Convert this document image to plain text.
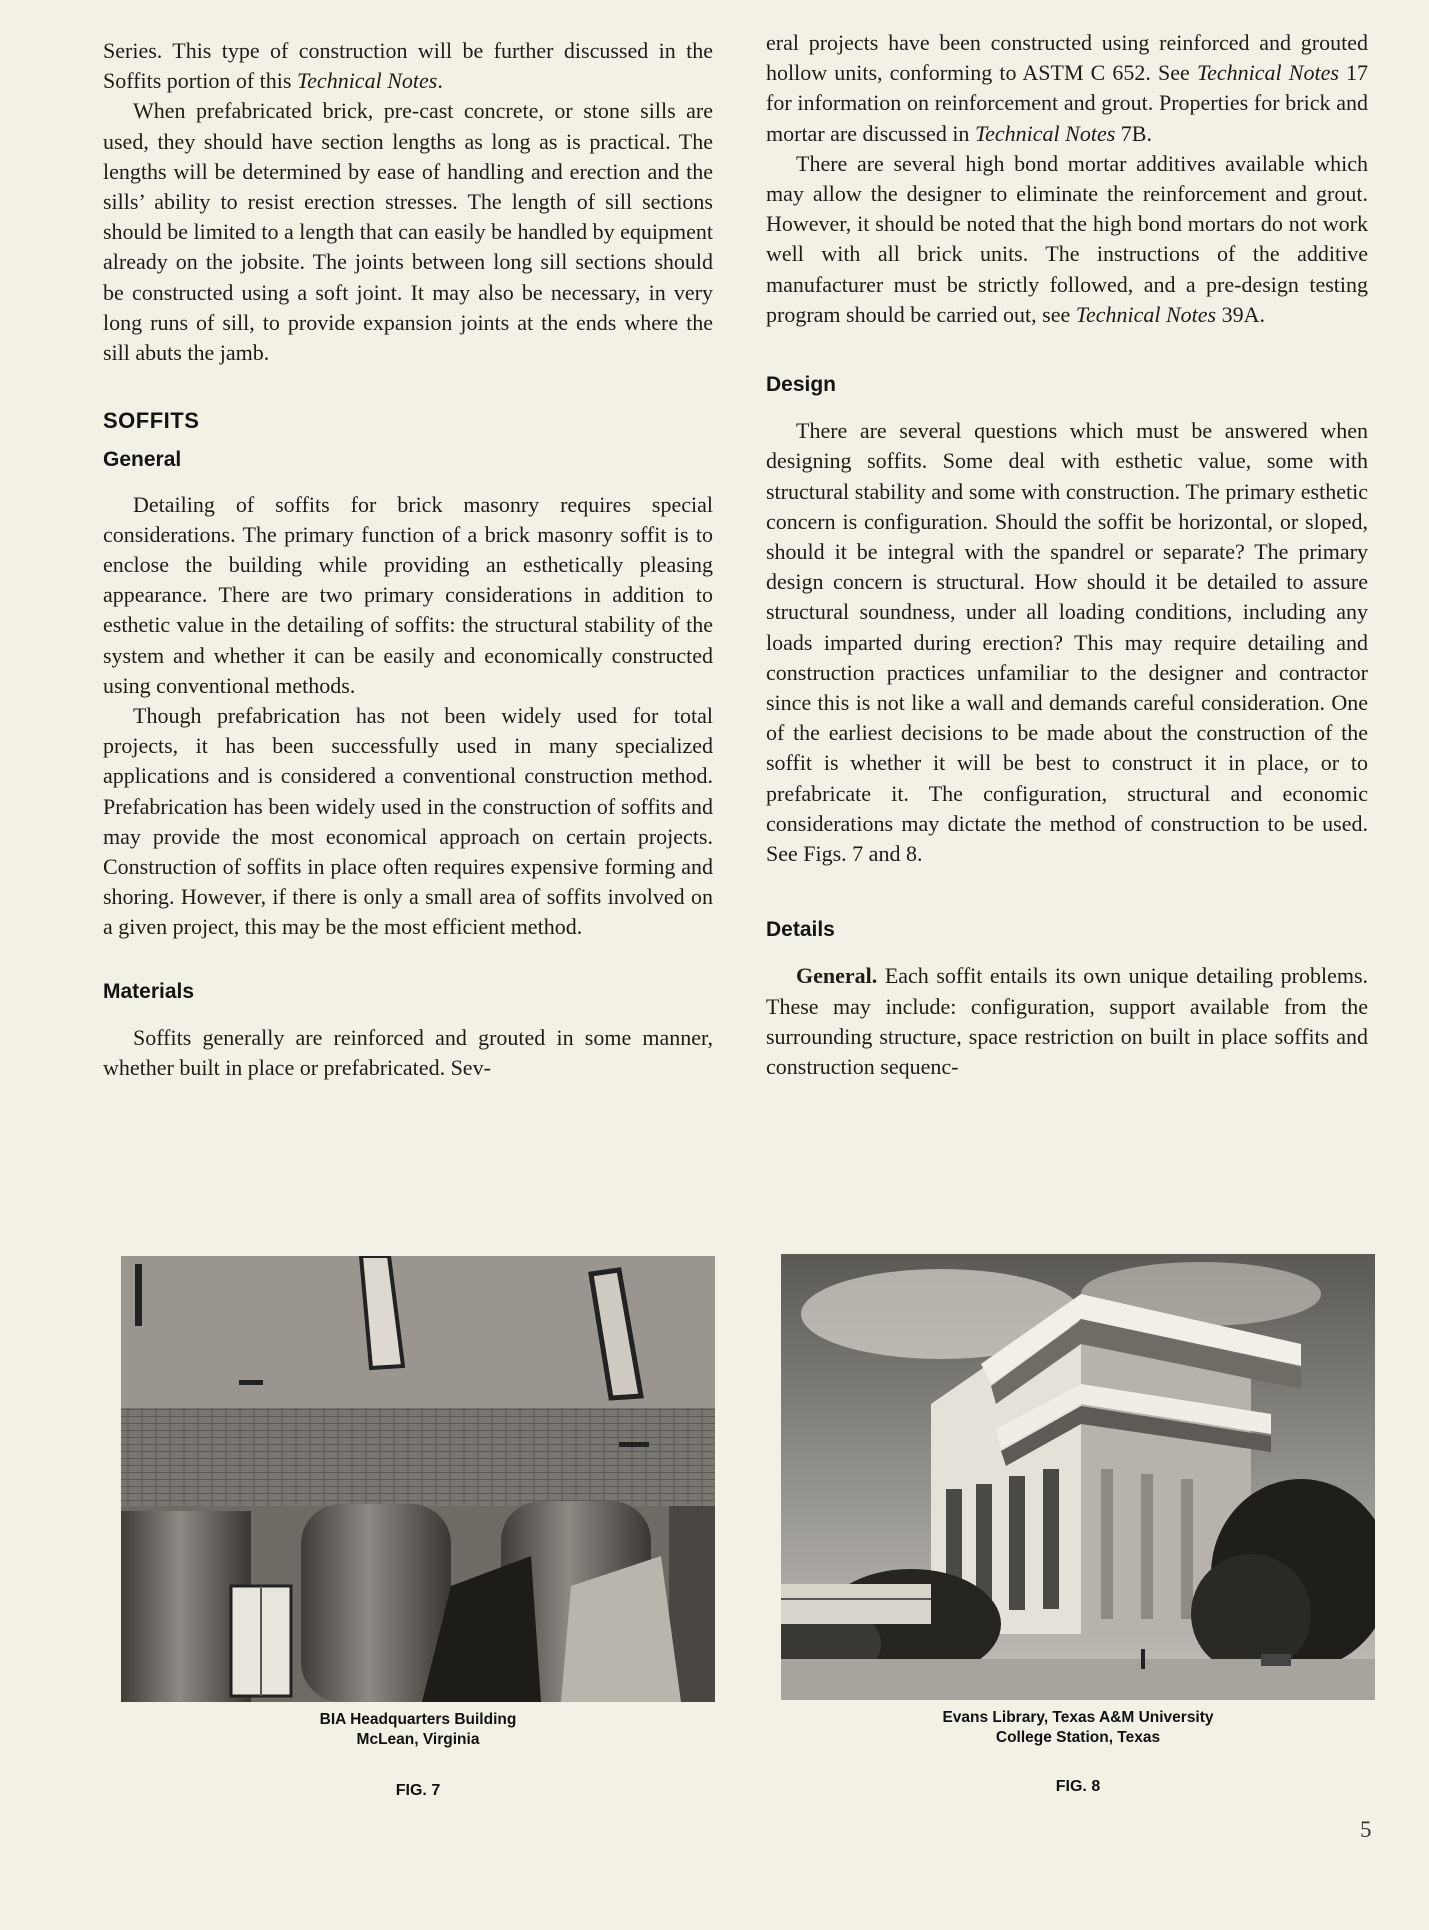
Series. This type of construction will be further discussed in the Soffits portion of this Technical Notes.

When prefabricated brick, pre-cast concrete, or stone sills are used, they should have section lengths as long as is practical. The lengths will be determined by ease of handling and erection and the sills’ ability to resist erection stresses. The length of sill sections should be limited to a length that can easily be handled by equipment already on the jobsite. The joints between long sill sections should be constructed using a soft joint. It may also be necessary, in very long runs of sill, to provide expansion joints at the ends where the sill abuts the jamb.

SOFFITS
General

Detailing of soffits for brick masonry requires special considerations. The primary function of a brick masonry soffit is to enclose the building while providing an esthetically pleasing appearance. There are two primary considerations in addition to esthetic value in the detailing of soffits: the structural stability of the system and whether it can be easily and economically constructed using conventional methods.

Though prefabrication has not been widely used for total projects, it has been successfully used in many specialized applications and is considered a conventional construction method. Prefabrication has been widely used in the construction of soffits and may provide the most economical approach on certain projects. Construction of soffits in place often requires expensive forming and shoring. However, if there is only a small area of soffits involved on a given project, this may be the most efficient method.

Materials

Soffits generally are reinforced and grouted in some manner, whether built in place or prefabricated. Sev-

eral projects have been constructed using reinforced and grouted hollow units, conforming to ASTM C 652. See Technical Notes 17 for information on reinforcement and grout. Properties for brick and mortar are discussed in Technical Notes 7B.

There are several high bond mortar additives available which may allow the designer to eliminate the reinforcement and grout. However, it should be noted that the high bond mortars do not work well with all brick units. The instructions of the additive manufacturer must be strictly followed, and a pre-design testing program should be carried out, see Technical Notes 39A.

Design

There are several questions which must be answered when designing soffits. Some deal with esthetic value, some with structural stability and some with construction. The primary esthetic concern is configuration. Should the soffit be horizontal, or sloped, should it be integral with the spandrel or separate? The primary design concern is structural. How should it be detailed to assure structural soundness, under all loading conditions, including any loads imparted during erection? This may require detailing and construction practices unfamiliar to the designer and contractor since this is not like a wall and demands careful consideration. One of the earliest decisions to be made about the construction of the soffit is whether it will be best to construct it in place, or to prefabricate it. The configuration, structural and economic considerations may dictate the method of construction to be used. See Figs. 7 and 8.

Details

General. Each soffit entails its own unique detailing problems. These may include: configuration, support available from the surrounding structure, space restriction on built in place soffits and construction sequenc-

BIA Headquarters Building
McLean, Virginia
FIG. 7
Evans Library, Texas A&M University
College Station, Texas
FIG. 8
5
